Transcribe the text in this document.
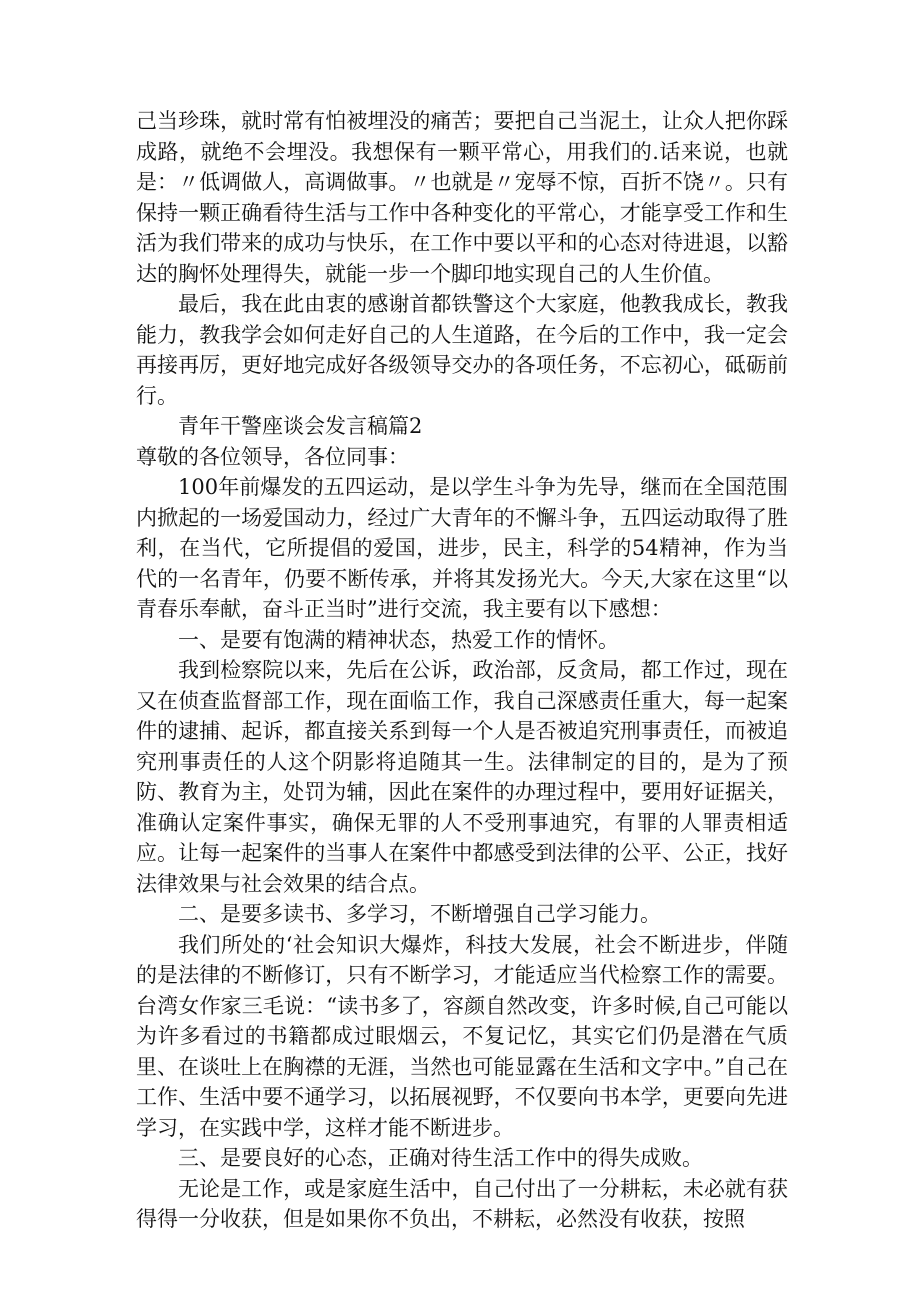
己当珍珠，就时常有怕被埋没的痛苦；要把自己当泥土，让众人把你踩成路，就绝不会埋没。我想保有一颗平常心，用我们的.话来说，也就是：〃低调做人，高调做事。〃也就是〃宠辱不惊，百折不饶〃。只有保持一颗正确看待生活与工作中各种变化的平常心，才能享受工作和生活为我们带来的成功与快乐，在工作中要以平和的心态对待进退，以豁达的胸怀处理得失，就能一步一个脚印地实现自己的人生价值。

最后，我在此由衷的感谢首都铁警这个大家庭，他教我成长，教我能力，教我学会如何走好自己的人生道路，在今后的工作中，我一定会再接再厉，更好地完成好各级领导交办的各项任务，不忘初心，砥砺前行。

青年干警座谈会发言稿篇2

尊敬的各位领导，各位同事：

100年前爆发的五四运动，是以学生斗争为先导，继而在全国范围内掀起的一场爱国动力，经过广大青年的不懈斗争，五四运动取得了胜利，在当代，它所提倡的爱国，进步，民主，科学的54精神，作为当代的一名青年，仍要不断传承，并将其发扬光大。今天,大家在这里“以青春乐奉献，奋斗正当时”进行交流，我主要有以下感想：

一、是要有饱满的精神状态，热爱工作的情怀。

我到检察院以来，先后在公诉，政治部，反贪局，都工作过，现在又在侦查监督部工作，现在面临工作，我自己深感责任重大，每一起案件的逮捕、起诉，都直接关系到每一个人是否被追究刑事责任，而被追究刑事责任的人这个阴影将追随其一生。法律制定的目的，是为了预防、教育为主，处罚为辅，因此在案件的办理过程中，要用好证据关，准确认定案件事实，确保无罪的人不受刑事迪究，有罪的人罪责相适应。让每一起案件的当事人在案件中都感受到法律的公平、公正，找好法律效果与社会效果的结合点。

二、是要多读书、多学习，不断增强自己学习能力。

我们所处的‘社会知识大爆炸，科技大发展，社会不断进步，伴随的是法律的不断修订，只有不断学习，才能适应当代检察工作的需要。台湾女作家三毛说：“读书多了，容颜自然改变，许多时候,自己可能以为许多看过的书籍都成过眼烟云，不复记忆，其实它们仍是潜在气质里、在谈吐上在胸襟的无涯，当然也可能显露在生活和文字中。”自己在工作、生活中要不通学习，以拓展视野，不仅要向书本学，更要向先进学习，在实践中学，这样才能不断进步。

三、是要良好的心态，正确对待生活工作中的得失成败。

无论是工作，或是家庭生活中，自己付出了一分耕耘，未必就有获得得一分收获，但是如果你不负出，不耕耘，必然没有收获，按照
